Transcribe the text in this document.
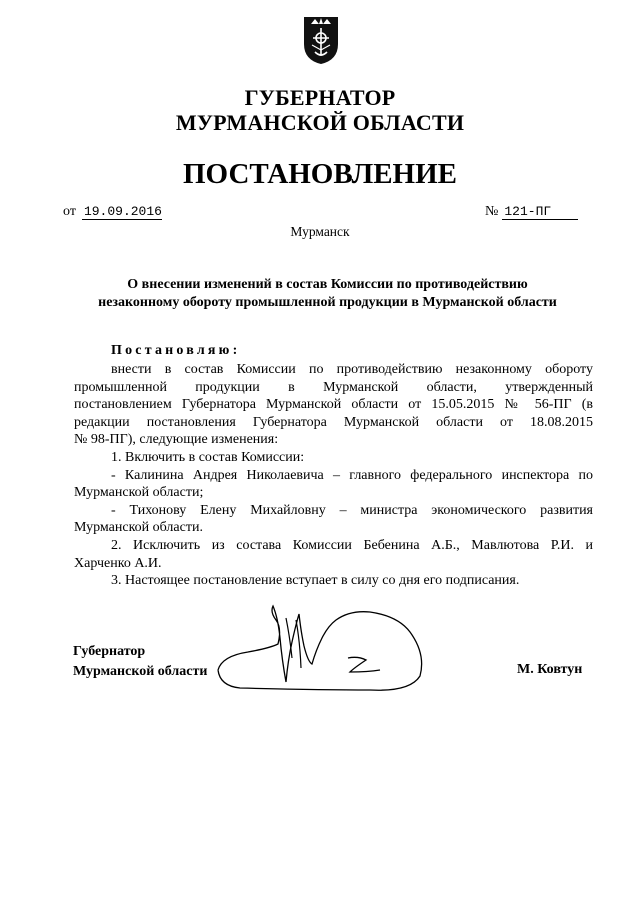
ГУБЕРНАТОР
МУРМАНСКОЙ ОБЛАСТИ
ПОСТАНОВЛЕНИЕ
от 19.09.2016	№ 121-ПГ
Мурманск
О внесении изменений в состав Комиссии по противодействию
незаконному обороту промышленной продукции в Мурманской области
Постановляю:
внести в состав Комиссии по противодействию незаконному обороту
промышленной продукции в Мурманской области, утвержденный
постановлением Губернатора Мурманской области от 15.05.2015 № 56-ПГ (в
редакции постановления Губернатора Мурманской области от 18.08.2015
№ 98-ПГ), следующие изменения:
1. Включить в состав Комиссии:
- Калинина Андрея Николаевича – главного федерального инспектора по
Мурманской области;
- Тихонову Елену Михайловну – министра экономического развития
Мурманской области.
2. Исключить из состава Комиссии Бебенина А.Б., Мавлютова Р.И. и
Харченко А.И.
3. Настоящее постановление вступает в силу со дня его подписания.
Губернатор
Мурманской области	М. Ковтун
